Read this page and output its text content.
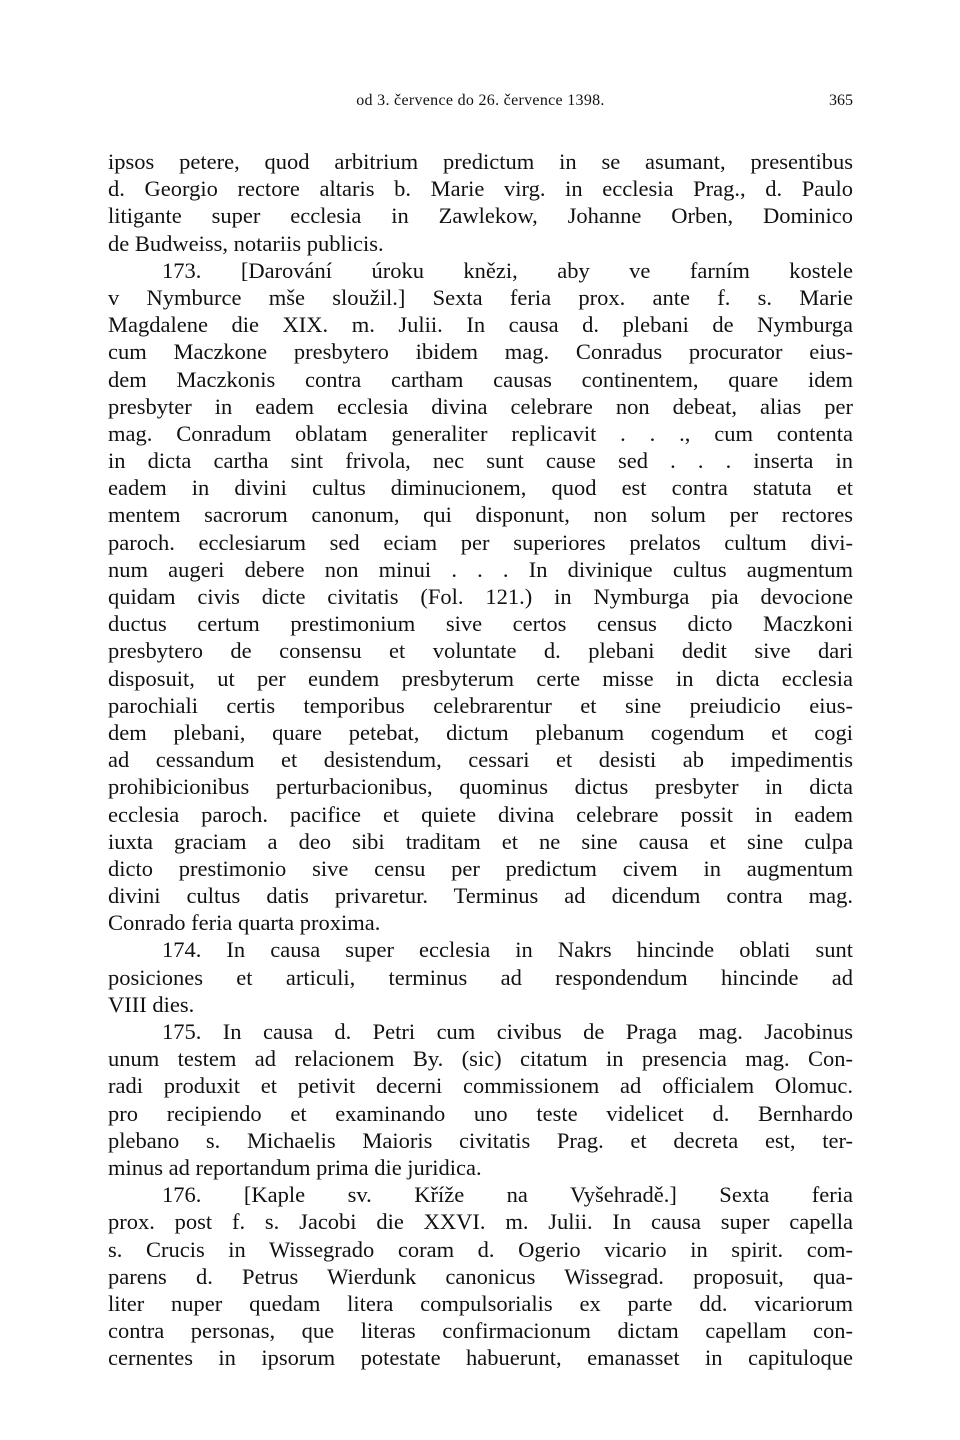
od 3. července do 26. července 1398.	365
ipsos petere, quod arbitrium predictum in se asumant, presentibus
d. Georgio rectore altaris b. Marie virg. in ecclesia Prag., d. Paulo
litigante super ecclesia in Zawlekow, Johanne Orben, Dominico
de Budweiss, notariis publicis.
173. [Darování úroku knězi, aby ve farním kostele
v Nymburce mše sloužil.] Sexta feria prox. ante f. s. Marie
Magdalene die XIX. m. Julii. In causa d. plebani de Nymburga
cum Maczkone presbytero ibidem mag. Conradus procurator eius-
dem Maczkonis contra cartham causas continentem, quare idem
presbyter in eadem ecclesia divina celebrare non debeat, alias per
mag. Conradum oblatam generaliter replicavit . . ., cum contenta
in dicta cartha sint frivola, nec sunt cause sed . . . inserta in
eadem in divini cultus diminucionem, quod est contra statuta et
mentem sacrorum canonum, qui disponunt, non solum per rectores
paroch. ecclesiarum sed eciam per superiores prelatos cultum divi-
num augeri debere non minui . . . In divinique cultus augmentum
quidam civis dicte civitatis (Fol. 121.) in Nymburga pia devocione
ductus certum prestimonium sive certos census dicto Maczkoni
presbytero de consensu et voluntate d. plebani dedit sive dari
disposuit, ut per eundem presbyterum certe misse in dicta ecclesia
parochiali certis temporibus celebrarentur et sine preiudicio eius-
dem plebani, quare petebat, dictum plebanum cogendum et cogi
ad cessandum et desistendum, cessari et desisti ab impedimentis
prohibicionibus perturbacionibus, quominus dictus presbyter in dicta
ecclesia paroch. pacifice et quiete divina celebrare possit in eadem
iuxta graciam a deo sibi traditam et ne sine causa et sine culpa
dicto prestimonio sive censu per predictum civem in augmentum
divini cultus datis privaretur. Terminus ad dicendum contra mag.
Conrado feria quarta proxima.
174. In causa super ecclesia in Nakrs hincinde oblati sunt
posiciones et articuli, terminus ad respondendum hincinde ad
VIII dies.
175. In causa d. Petri cum civibus de Praga mag. Jacobinus
unum testem ad relacionem By. (sic) citatum in presencia mag. Con-
radi produxit et petivit decerni commissionem ad officialem Olomuc.
pro recipiendo et examinando uno teste videlicet d. Bernhardo
plebano s. Michaelis Maioris civitatis Prag. et decreta est, ter-
minus ad reportandum prima die juridica.
176. [Kaple sv. Kříže na Vyšehradě.] Sexta feria
prox. post f. s. Jacobi die XXVI. m. Julii. In causa super capella
s. Crucis in Wissegrado coram d. Ogerio vicario in spirit. com-
parens d. Petrus Wierdunk canonicus Wissegrad. proposuit, qua-
liter nuper quedam litera compulsorialis ex parte dd. vicariorum
contra personas, que literas confirmacionum dictam capellam con-
cernentes in ipsorum potestate habuerunt, emanasset in capituloque
